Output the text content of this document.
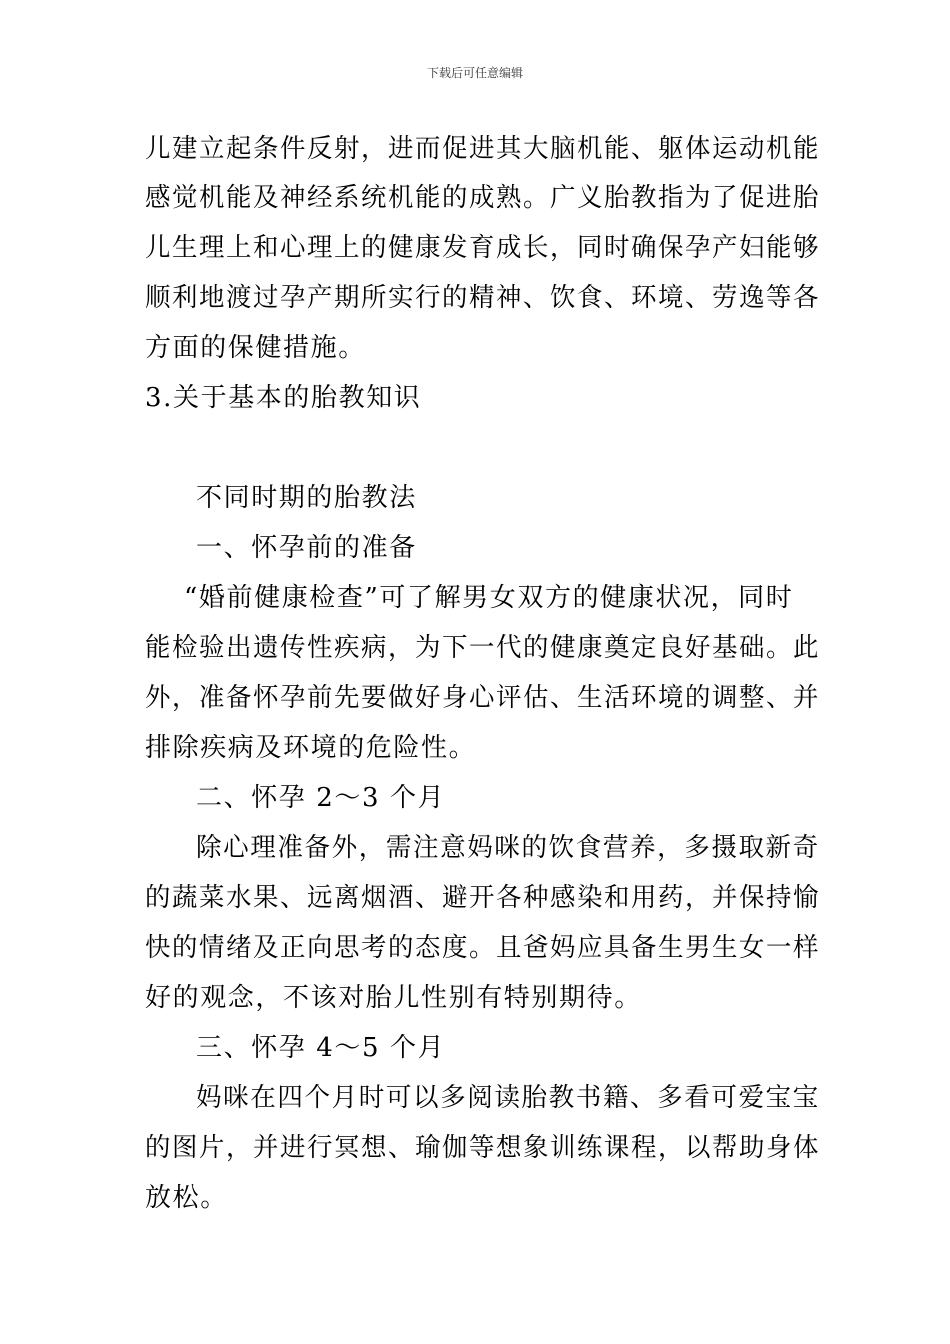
下载后可任意编辑
儿建立起条件反射，进而促进其大脑机能、躯体运动机能
感觉机能及神经系统机能的成熟。广义胎教指为了促进胎
儿生理上和心理上的健康发育成长，同时确保孕产妇能够
顺利地渡过孕产期所实行的精神、饮食、环境、劳逸等各
方面的保健措施。
3.关于基本的胎教知识
不同时期的胎教法
一、怀孕前的准备
“婚前健康检查”可了解男女双方的健康状况，同时
能检验出遗传性疾病，为下一代的健康奠定良好基础。此
外，准备怀孕前先要做好身心评估、生活环境的调整、并
排除疾病及环境的危险性。
二、怀孕 2～3 个月
除心理准备外，需注意妈咪的饮食营养，多摄取新奇
的蔬菜水果、远离烟酒、避开各种感染和用药，并保持愉
快的情绪及正向思考的态度。且爸妈应具备生男生女一样
好的观念，不该对胎儿性别有特别期待。
三、怀孕 4～5 个月
妈咪在四个月时可以多阅读胎教书籍、多看可爱宝宝
的图片，并进行冥想、瑜伽等想象训练课程，以帮助身体
放松。
